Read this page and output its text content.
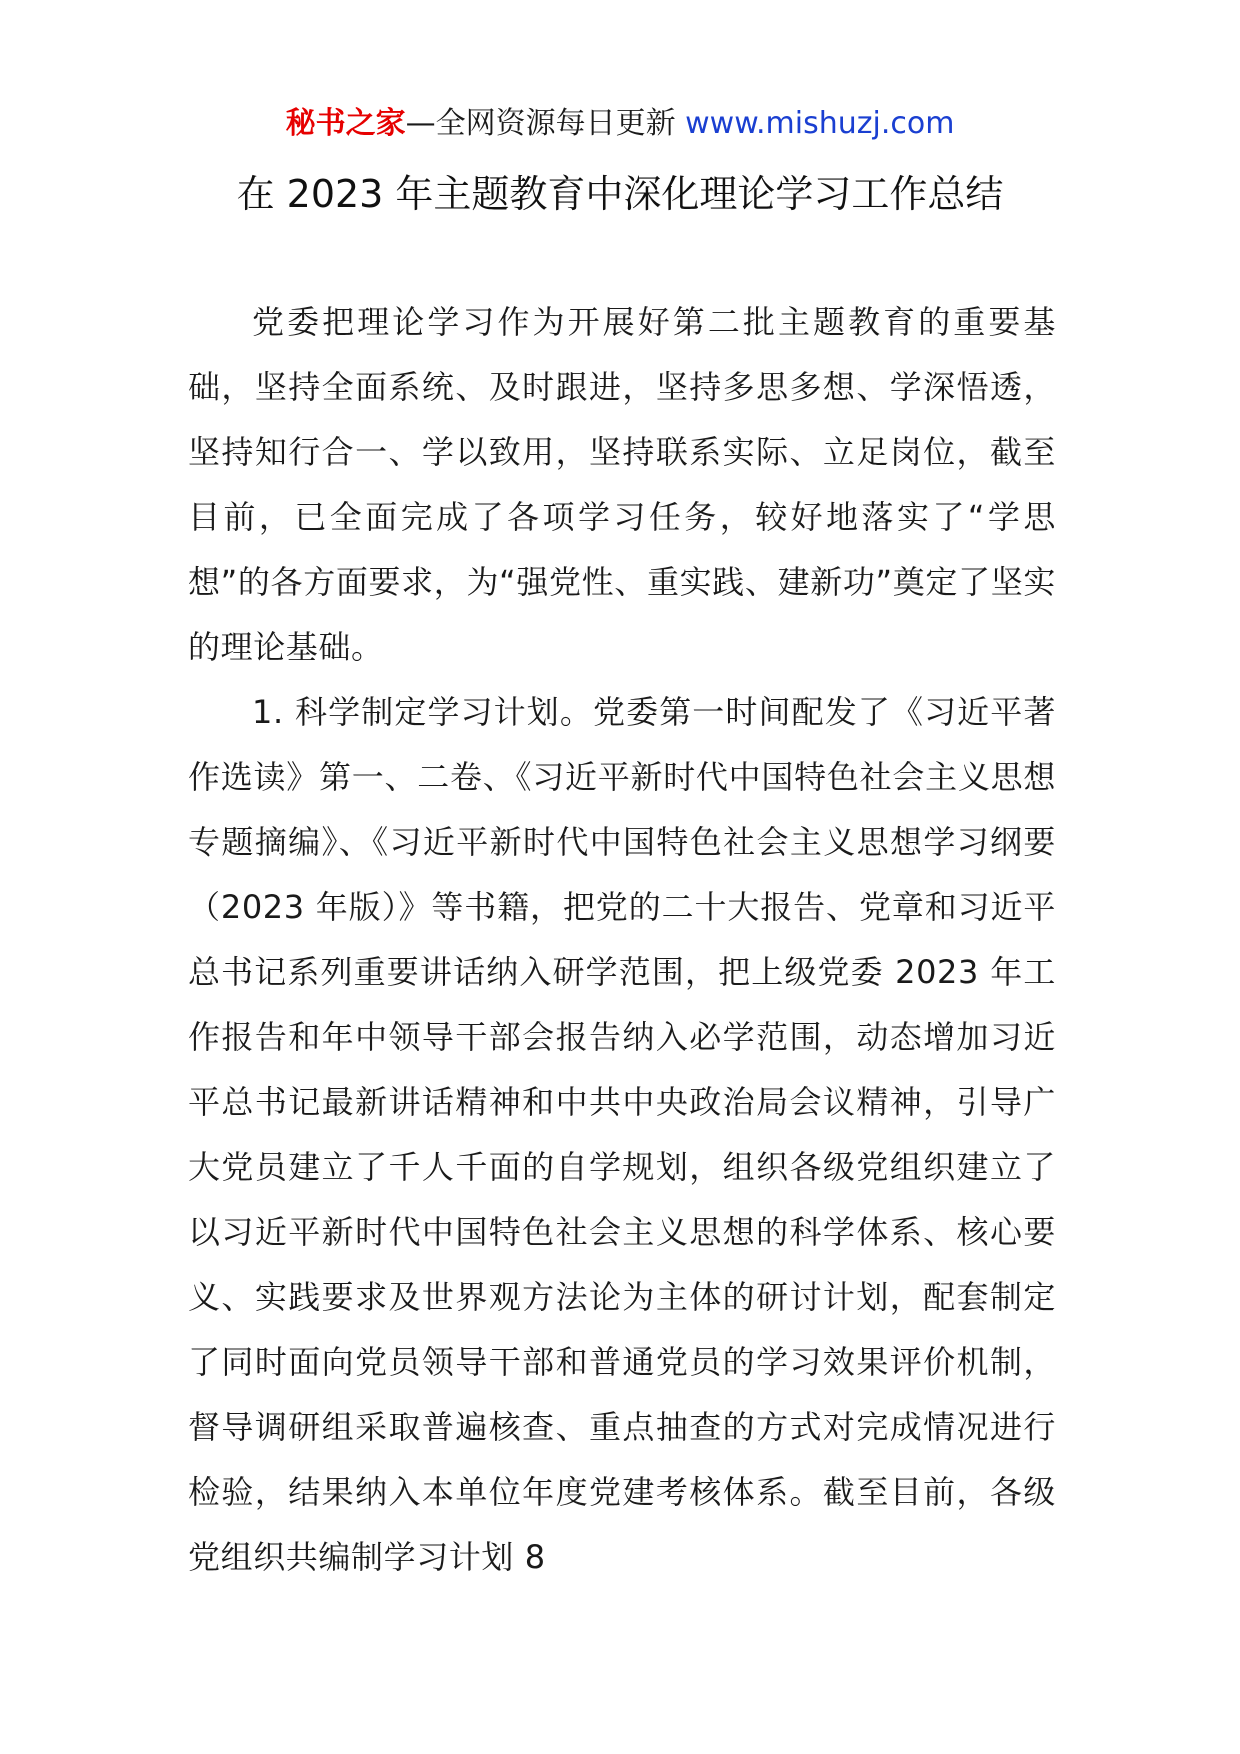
秘书之家—全网资源每日更新 www.mishuzj.com
在 2023 年主题教育中深化理论学习工作总结

党委把理论学习作为开展好第二批主题教育的重要基础，坚持全面系统、及时跟进，坚持多思多想、学深悟透，坚持知行合一、学以致用，坚持联系实际、立足岗位，截至目前，已全面完成了各项学习任务，较好地落实了“学思想”的各方面要求，为“强党性、重实践、建新功”奠定了坚实的理论基础。

1. 科学制定学习计划。党委第一时间配发了《习近平著作选读》第一、二卷、《习近平新时代中国特色社会主义思想专题摘编》、《习近平新时代中国特色社会主义思想学习纲要（2023 年版）》等书籍，把党的二十大报告、党章和习近平总书记系列重要讲话纳入研学范围，把上级党委 2023 年工作报告和年中领导干部会报告纳入必学范围，动态增加习近平总书记最新讲话精神和中共中央政治局会议精神，引导广大党员建立了千人千面的自学规划，组织各级党组织建立了以习近平新时代中国特色社会主义思想的科学体系、核心要义、实践要求及世界观方法论为主体的研讨计划，配套制定了同时面向党员领导干部和普通党员的学习效果评价机制，督导调研组采取普遍核查、重点抽查的方式对完成情况进行检验，结果纳入本单位年度党建考核体系。截至目前，各级党组织共编制学习计划 8
